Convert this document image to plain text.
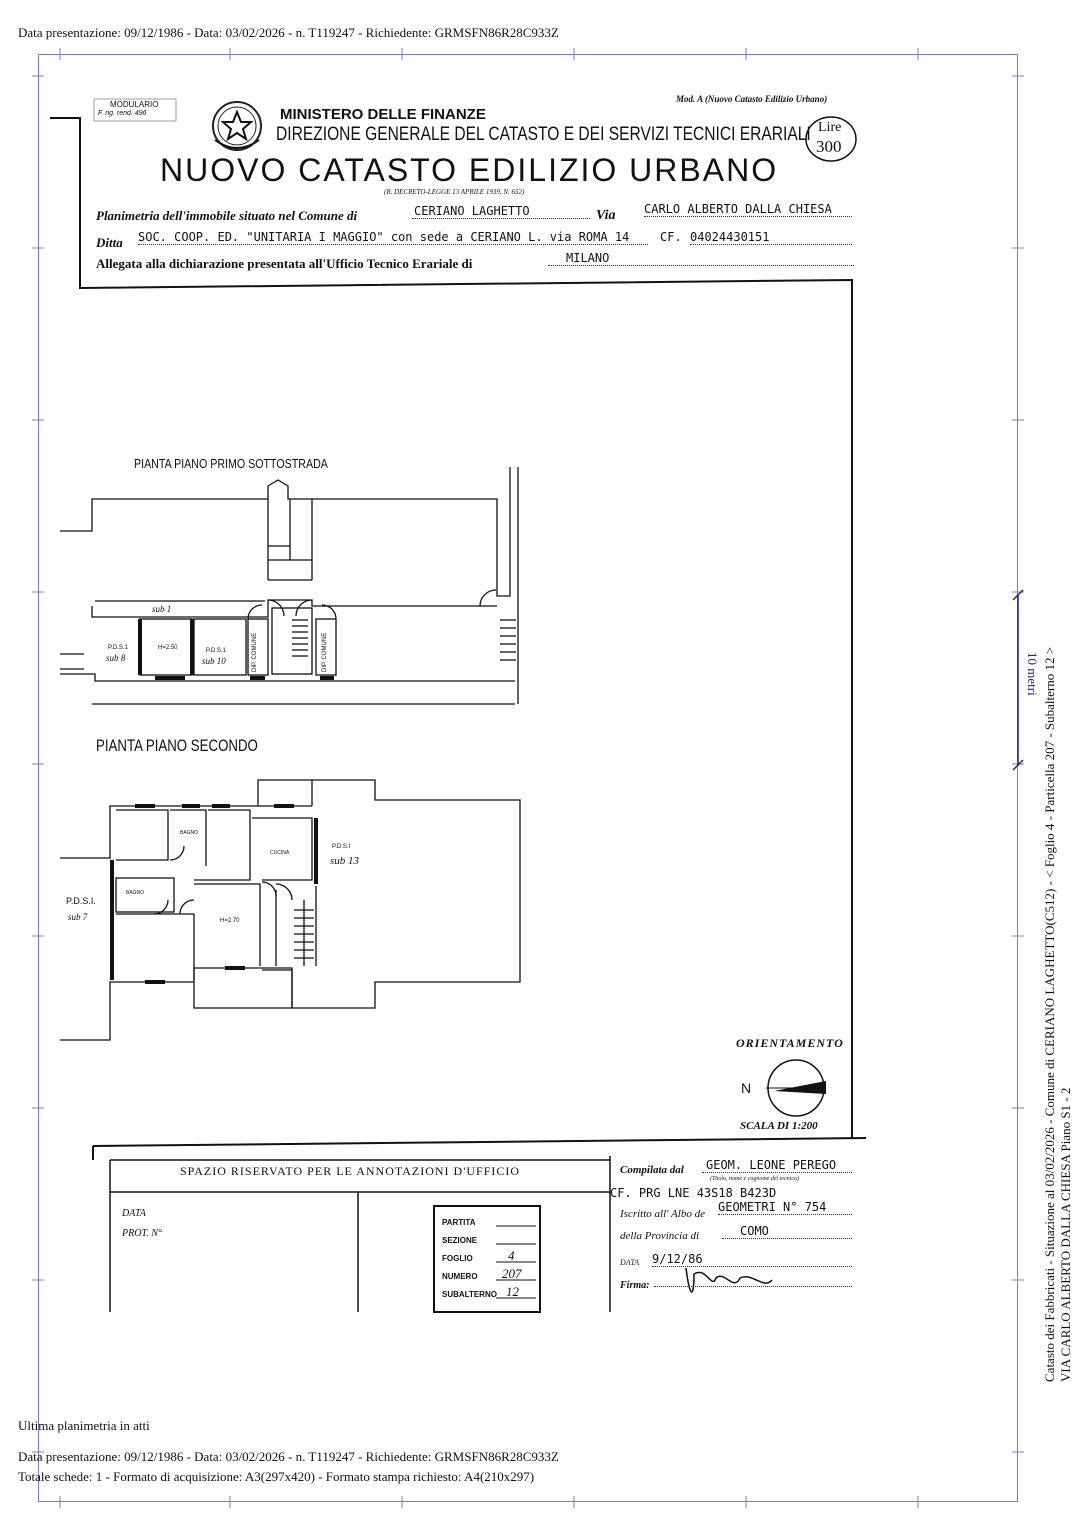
Data presentazione: 09/12/1986 - Data: 03/02/2026 - n. T119247 - Richiedente: GRMSFN86R28C933Z
MODULARIO
F. rig. rend. 496
Mod. A (Nuovo Catasto Edilizio Urbano)
MINISTERO DELLE FINANZE
DIREZIONE GENERALE DEL CATASTO E DEI SERVIZI TECNICI ERARIALI
NUOVO CATASTO EDILIZIO URBANO
(R. DECRETO-LEGGE 13 APRILE 1939, N. 652)
Lire
300
Planimetria dell'immobile situato nel Comune di	CERIANO LAGHETTO	Via CARLO ALBERTO DALLA CHIESA
Ditta SOC. COOP. ED. "UNITARIA I MAGGIO" con sede a CERIANO L. via ROMA 14	CF. 04024430151
Allegata alla dichiarazione presentata all'Ufficio Tecnico Erariale di	MILANO
PIANTA PIANO PRIMO SOTTOSTRADA
sub 1
P.D.S.1
sub 8
H=2.50	P.D.S.1
sub 10	DIP. COMUNE	DIP. COMUNE
PIANTA PIANO SECONDO
BAGNO
BAGNO
CUCINA
P.D.S.I
sub 13
P.D.S.I.
sub 7	H=2.70
ORIENTAMENTO
N
SCALA DI 1:200
SPAZIO RISERVATO PER LE ANNOTAZIONI D'UFFICIO
DATA
PROT. N°
PARTITA
SEZIONE
FOGLIO	4
NUMERO 207
SUBALTERNO 12
Compilata dal	GEOM. LEONE PEREGO
(Titolo, nome e cognome del tecnico)
CF. PRG LNE 43S18 B423D
Iscritto all' Albo de GEOMETRI N° 754
della Provincia di	COMO
DATA 9/12/86
Firma:
Ultima planimetria in atti
Data presentazione: 09/12/1986 - Data: 03/02/2026 - n. T119247 - Richiedente: GRMSFN86R28C933Z
Totale schede: 1 - Formato di acquisizione: A3(297x420) - Formato stampa richiesto: A4(210x297)
Catasto dei Fabbricati - Situazione al 03/02/2026 - Comune di CERIANO LAGHETTO(C512) - < Foglio 4 - Particella 207 - Subalterno 12 > VIA CARLO ALBERTO DALLA CHIESA Piano S1 - 2
10 metri
